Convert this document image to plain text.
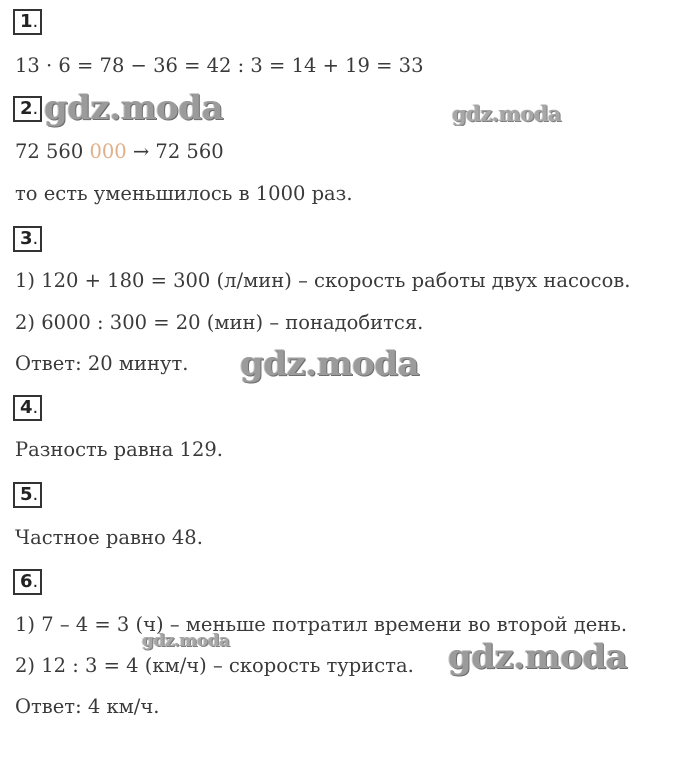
1.
13 · 6 = 78 − 36 = 42 : 3 = 14 + 19 = 33
2.
72 560 000 → 72 560
то есть уменьшилось в 1000 раз.
3.
1) 120 + 180 = 300 (л/мин) – скорость работы двух насосов.
2) 6000 : 300 = 20 (мин) – понадобится.
Ответ: 20 минут.
4.
Разность равна 129.
5.
Частное равно 48.
6.
1) 7 – 4 = 3 (ч) – меньше потратил времени во второй день.
2) 12 : 3 = 4 (км/ч) – скорость туриста.
Ответ: 4 км/ч.
gdz.moda	gdz.moda
gdz.moda
gdz.moda	gdz.moda
